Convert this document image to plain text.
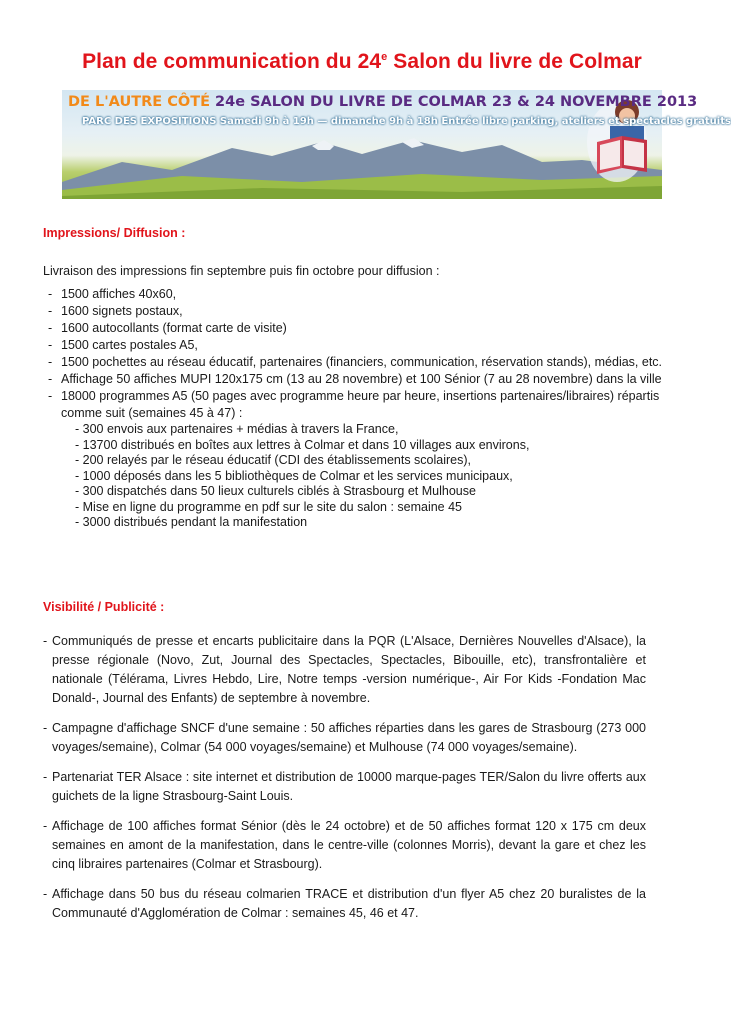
Plan de communication du 24e Salon du livre de Colmar
DE L'AUTRE CÔTÉ 24e SALON DU LIVRE DE COLMAR 23 & 24 NOVEMBRE 2013
PARC DES EXPOSITIONS Samedi 9h à 19h — dimanche 9h à 18h Entrée libre parking, ateliers et spectacles gratuits
Impressions/ Diffusion :
Livraison des impressions fin septembre puis fin octobre pour diffusion :
- 1500 affiches 40x60,
- 1600 signets postaux,
- 1600 autocollants (format carte de visite)
- 1500 cartes postales A5,
- 1500 pochettes au réseau éducatif, partenaires (financiers, communication, réservation stands), médias, etc.
- Affichage 50 affiches MUPI 120x175 cm (13 au 28 novembre) et 100 Sénior (7 au 28 novembre) dans la ville
- 18000 programmes A5 (50 pages avec programme heure par heure, insertions partenaires/libraires) répartis comme suit (semaines 45 à 47) :
- 300 envois aux partenaires + médias à travers la France,
- 13700 distribués en boîtes aux lettres à Colmar et dans 10 villages aux environs,
- 200 relayés par le réseau éducatif (CDI des établissements scolaires),
- 1000 déposés dans les 5 bibliothèques de Colmar et les services municipaux,
- 300 dispatchés dans 50 lieux culturels ciblés à Strasbourg et Mulhouse
- Mise en ligne du programme en pdf sur le site du salon : semaine 45
- 3000 distribués pendant la manifestation
Visibilité / Publicité :
- Communiqués de presse et encarts publicitaire dans la PQR (L'Alsace, Dernières Nouvelles d'Alsace), la presse régionale (Novo, Zut, Journal des Spectacles, Spectacles, Bibouille, etc), transfrontalière et nationale (Télérama, Livres Hebdo, Lire, Notre temps -version numérique-, Air For Kids -Fondation Mac Donald-, Journal des Enfants) de septembre à novembre.
- Campagne d'affichage SNCF d'une semaine : 50 affiches réparties dans les gares de Strasbourg (273 000 voyages/semaine), Colmar (54 000 voyages/semaine) et Mulhouse (74 000 voyages/semaine).
- Partenariat TER Alsace : site internet et distribution de 10000 marque-pages TER/Salon du livre offerts aux guichets de la ligne Strasbourg-Saint Louis.
- Affichage de 100 affiches format Sénior (dès le 24 octobre) et de 50 affiches format 120 x 175 cm deux semaines en amont de la manifestation, dans le centre-ville (colonnes Morris), devant la gare et chez les cinq libraires partenaires (Colmar et Strasbourg).
- Affichage dans 50 bus du réseau colmarien TRACE et distribution d'un flyer A5 chez 20 buralistes de la Communauté d'Agglomération de Colmar : semaines 45, 46 et 47.
